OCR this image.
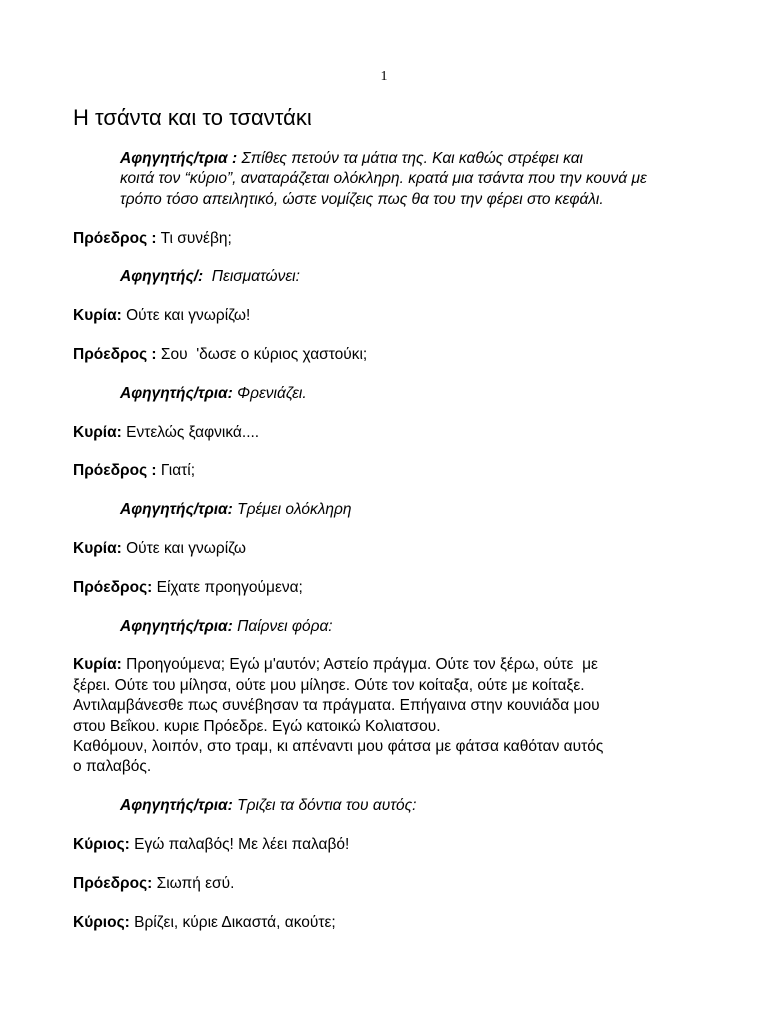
1
Η τσάντα και το τσαντάκι

Αφηγητής/τρια : Σπίθες πετούν τα μάτια της. Και καθώς στρέφει και
κοιτά τον “κύριο”, αναταράζεται ολόκληρη. κρατά μια τσάντα που την κουνά με
τρόπο τόσο απειλητικό, ώστε νομίζεις πως θα του την φέρει στο κεφάλι.

Πρόεδρος : Τι συνέβη;

Αφηγητής/:  Πεισματώνει:

Κυρία: Ούτε και γνωρίζω!

Πρόεδρος : Σου  'δωσε ο κύριος χαστούκι;

Αφηγητής/τρια: Φρενιάζει.

Κυρία: Εντελώς ξαφνικά....

Πρόεδρος : Γιατί;

Αφηγητής/τρια: Τρέμει ολόκληρη

Κυρία: Ούτε και γνωρίζω

Πρόεδρος: Είχατε προηγούμενα;

Αφηγητής/τρια: Παίρνει φόρα:

Κυρία: Προηγούμενα; Εγώ μ'αυτόν; Αστείο πράγμα. Ούτε τον ξέρω, ούτε  με
ξέρει. Ούτε του μίλησα, ούτε μου μίλησε. Ούτε τον κοίταξα, ούτε με κοίταξε.
Αντιλαμβάνεσθε πως συνέβησαν τα πράγματα. Επήγαινα στην κουνιάδα μου
στου Βεΐκου. κυριε Πρόεδρε. Εγώ κατοικώ Κολιατσου.
Καθόμουν, λοιπόν, στο τραμ, κι απέναντι μου φάτσα με φάτσα καθόταν αυτός
ο παλαβός.

Αφηγητής/τρια: Τριζει τα δόντια του αυτός:

Κύριος: Εγώ παλαβός! Με λέει παλαβό!

Πρόεδρος: Σιωπή εσύ.

Κύριος: Βρίζει, κύριε Δικαστά, ακούτε;
